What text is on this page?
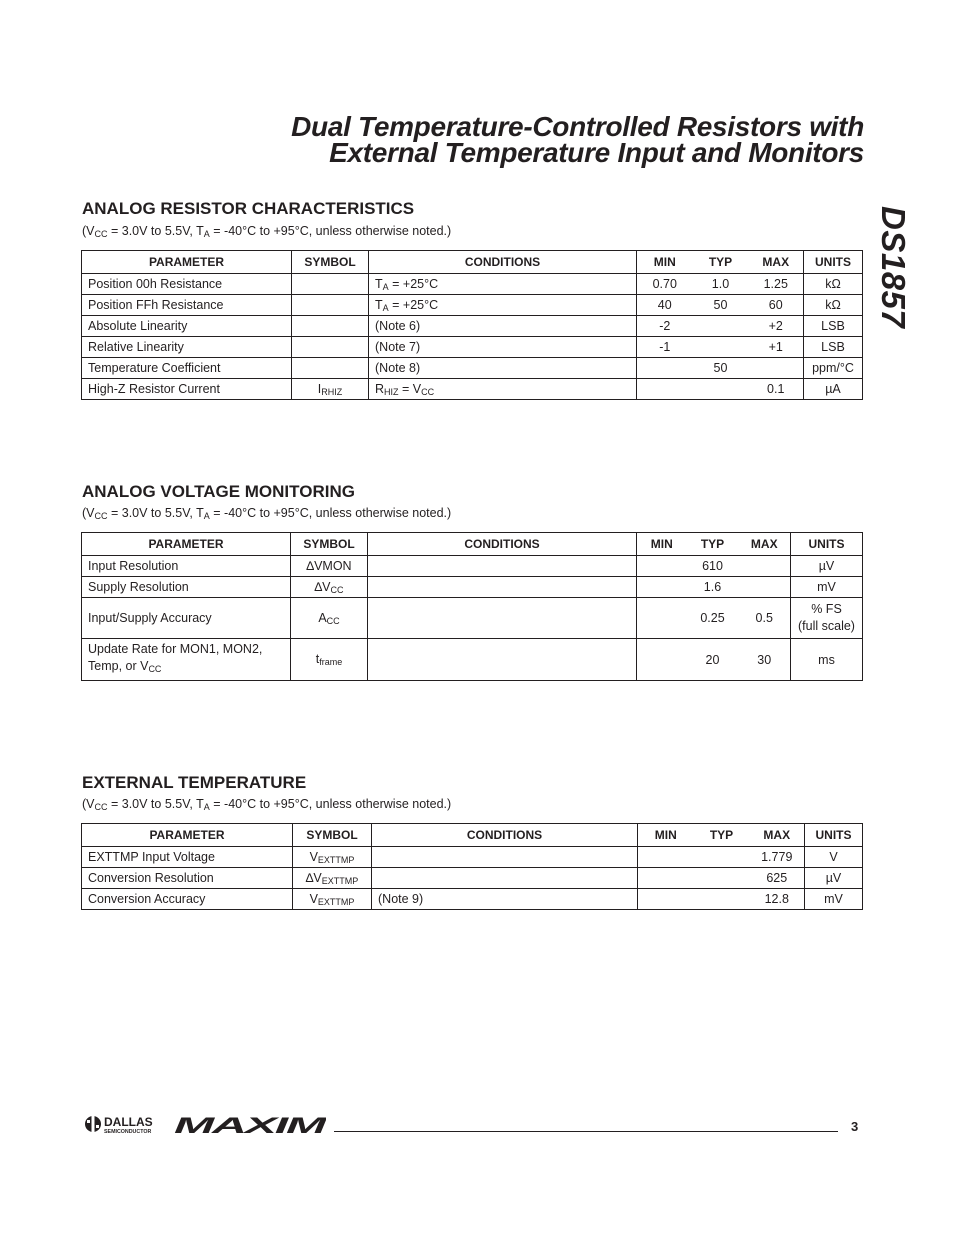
Dual Temperature-Controlled Resistors with
External Temperature Input and Monitors
DS1857
ANALOG RESISTOR CHARACTERISTICS
($V_{CC} = 3.0V$ to 5.5V, $T_A = -40^\circ C$ to +95°C, unless otherwise noted.)
PARAMETER	SYMBOL	CONDITIONS	MIN	TYP	MAX	UNITS
Position 00h Resistance		$T_A = +25^\circ C$	0.70	1.0	1.25	kΩ
Position FFh Resistance		$T_A = +25^\circ C$	40	50	60	kΩ
Absolute Linearity		(Note 6)	-2		+2	LSB
Relative Linearity		(Note 7)	-1		+1	LSB
Temperature Coefficient		(Note 8)		50		ppm/°C
High-Z Resistor Current	$I_{RHIZ}$	$R_{HIZ} = V_{CC}$			0.1	µA
ANALOG VOLTAGE MONITORING
($V_{CC} = 3.0V$ to 5.5V, $T_A = -40^\circ C$ to +95°C, unless otherwise noted.)
PARAMETER	SYMBOL	CONDITIONS	MIN	TYP	MAX	UNITS
Input Resolution	∆VMON			610		µV
Supply Resolution	$\Delta V_{CC}$			1.6		mV
Input/Supply Accuracy	$A_{CC}$			0.25	0.5	% FS
(full scale)

Update Rate for MON1, MON2,
Temp, or $V_{CC}$	$t_{frame}$			20	30	ms
EXTERNAL TEMPERATURE
($V_{CC} = 3.0V$ to 5.5V, $T_A = -40^\circ C$ to +95°C, unless otherwise noted.)
PARAMETER	SYMBOL	CONDITIONS	MIN	TYP	MAX	UNITS
EXTTMP Input Voltage	$V_{EXTTMP}$				1.779	V
Conversion Resolution	$\Delta V_{EXTTMP}$				625	µV
Conversion Accuracy	$V_{EXTTMP}$	(Note 9)			12.8	mV
DALLAS
SEMICONDUCTOR MAXIM	3
